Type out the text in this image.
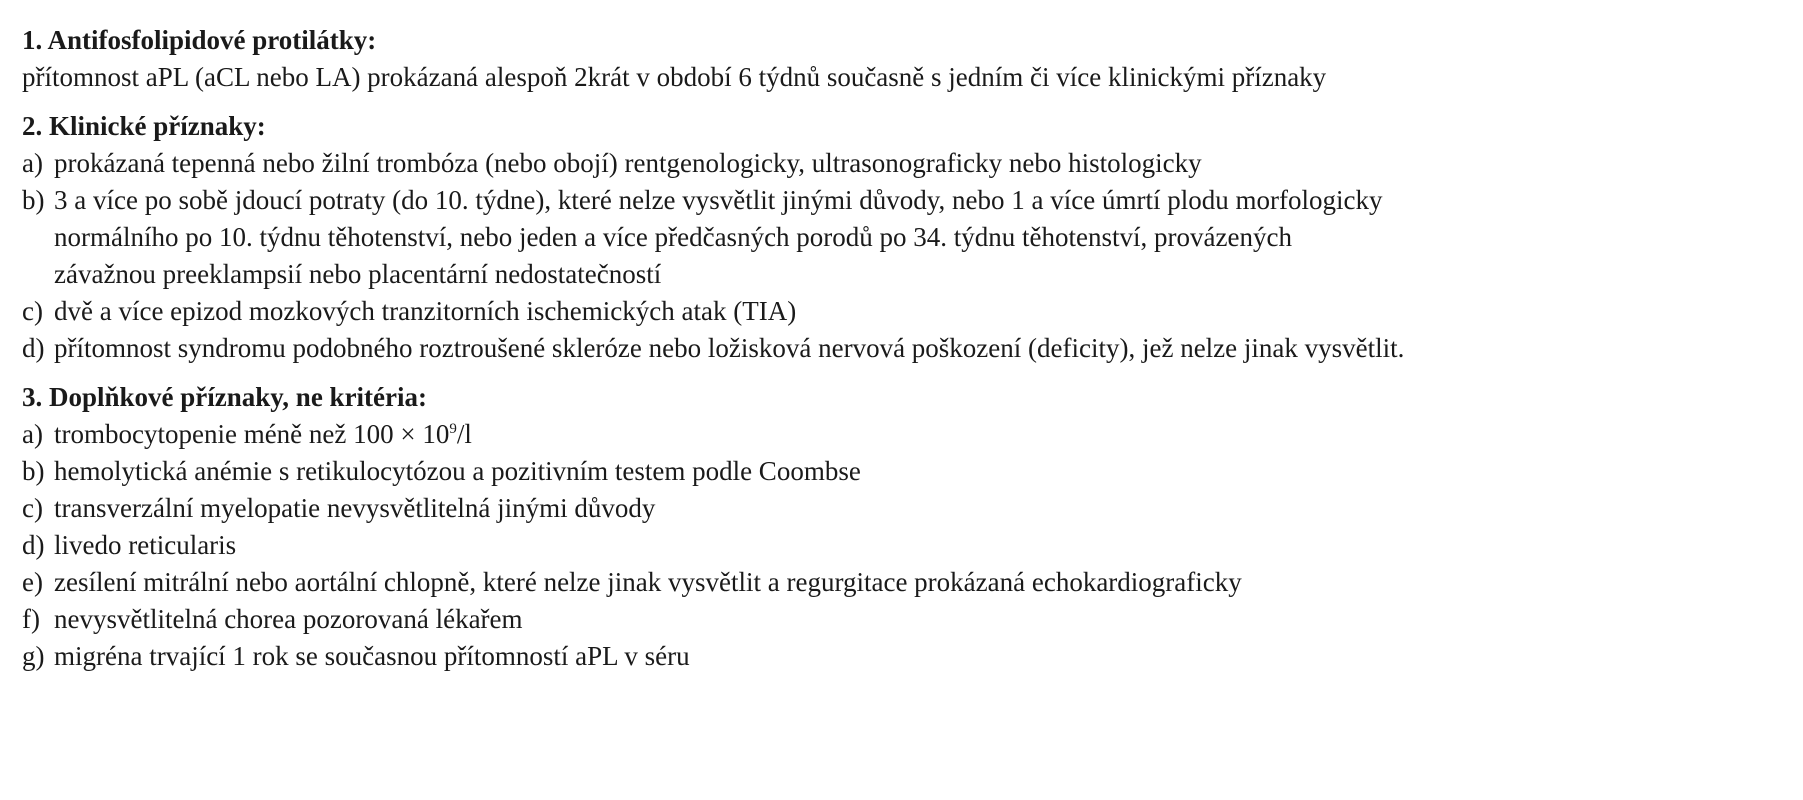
1. Antifosfolipidové protilátky:
přítomnost aPL (aCL nebo LA) prokázaná alespoň 2krát v období 6 týdnů současně s jedním či více klinickými příznaky
2. Klinické příznaky:
a) prokázaná tepenná nebo žilní trombóza (nebo obojí) rentgenologicky, ultrasonograficky nebo histologicky
b) 3 a více po sobě jdoucí potraty (do 10. týdne), které nelze vysvětlit jinými důvody, nebo 1 a více úmrtí plodu morfologicky
normálního po 10. týdnu těhotenství, nebo jeden a více předčasných porodů po 34. týdnu těhotenství, provázených
závažnou preeklampsií nebo placentární nedostatečností
c) dvě a více epizod mozkových tranzitorních ischemických atak (TIA)
d) přítomnost syndromu podobného roztroušené skleróze nebo ložisková nervová poškození (deficity), jež nelze jinak vysvětlit.
3. Doplňkové příznaky, ne kritéria:
a) trombocytopenie méně než $100 \times 10^9/l$
b) hemolytická anémie s retikulocytózou a pozitivním testem podle Coombse
c) transverzální myelopatie nevysvětlitelná jinými důvody
d) livedo reticularis
e) zesílení mitrální nebo aortální chlopně, které nelze jinak vysvětlit a regurgitace prokázaná echokardiograficky
f) nevysvětlitelná chorea pozorovaná lékařem
g) migréna trvající 1 rok se současnou přítomností aPL v séru
